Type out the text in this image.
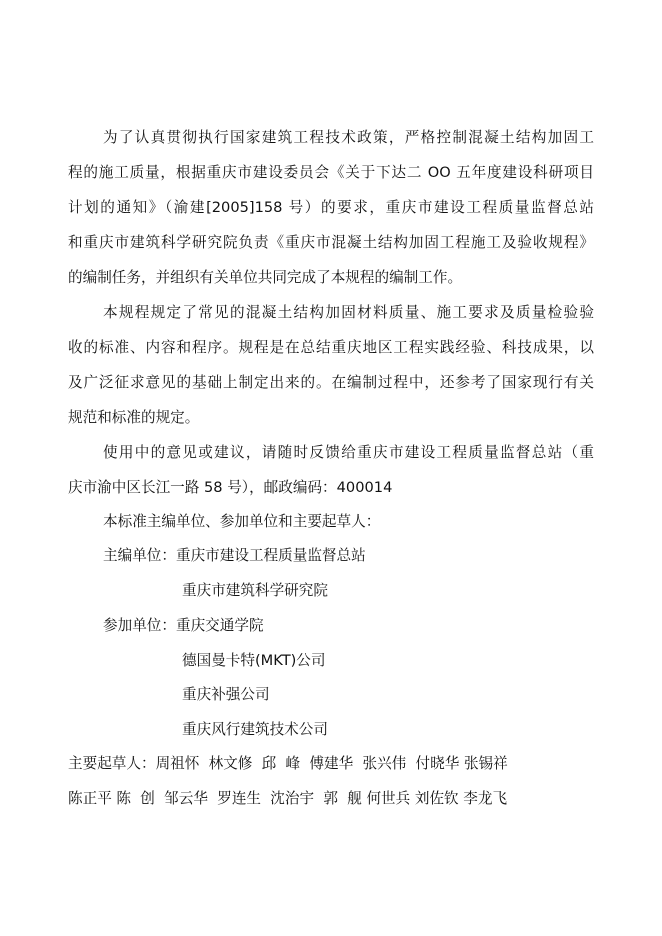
为了认真贯彻执行国家建筑工程技术政策，严格控制混凝土结构加固工
程的施工质量，根据重庆市建设委员会《关于下达二 OO 五年度建设科研项目
计划的通知》（渝建[2005]158 号）的要求，重庆市建设工程质量监督总站
和重庆市建筑科学研究院负责《重庆市混凝土结构加固工程施工及验收规程》
的编制任务，并组织有关单位共同完成了本规程的编制工作。
本规程规定了常见的混凝土结构加固材料质量、施工要求及质量检验验
收的标准、内容和程序。规程是在总结重庆地区工程实践经验、科技成果，以
及广泛征求意见的基础上制定出来的。在编制过程中，还参考了国家现行有关
规范和标准的规定。
使用中的意见或建议，请随时反馈给重庆市建设工程质量监督总站（重
庆市渝中区长江一路 58 号），邮政编码：400014
本标准主编单位、参加单位和主要起草人：
主编单位：重庆市建设工程质量监督总站
重庆市建筑科学研究院
参加单位：重庆交通学院
德国曼卡特(MKT)公司
重庆补强公司
重庆风行建筑技术公司
主要起草人：周祖怀  林文修  邱  峰  傅建华  张兴伟  付晓华 张锡祥
陈正平 陈  创  邹云华  罗连生  沈治宇  郭  舰 何世兵 刘佐钦 李龙飞
